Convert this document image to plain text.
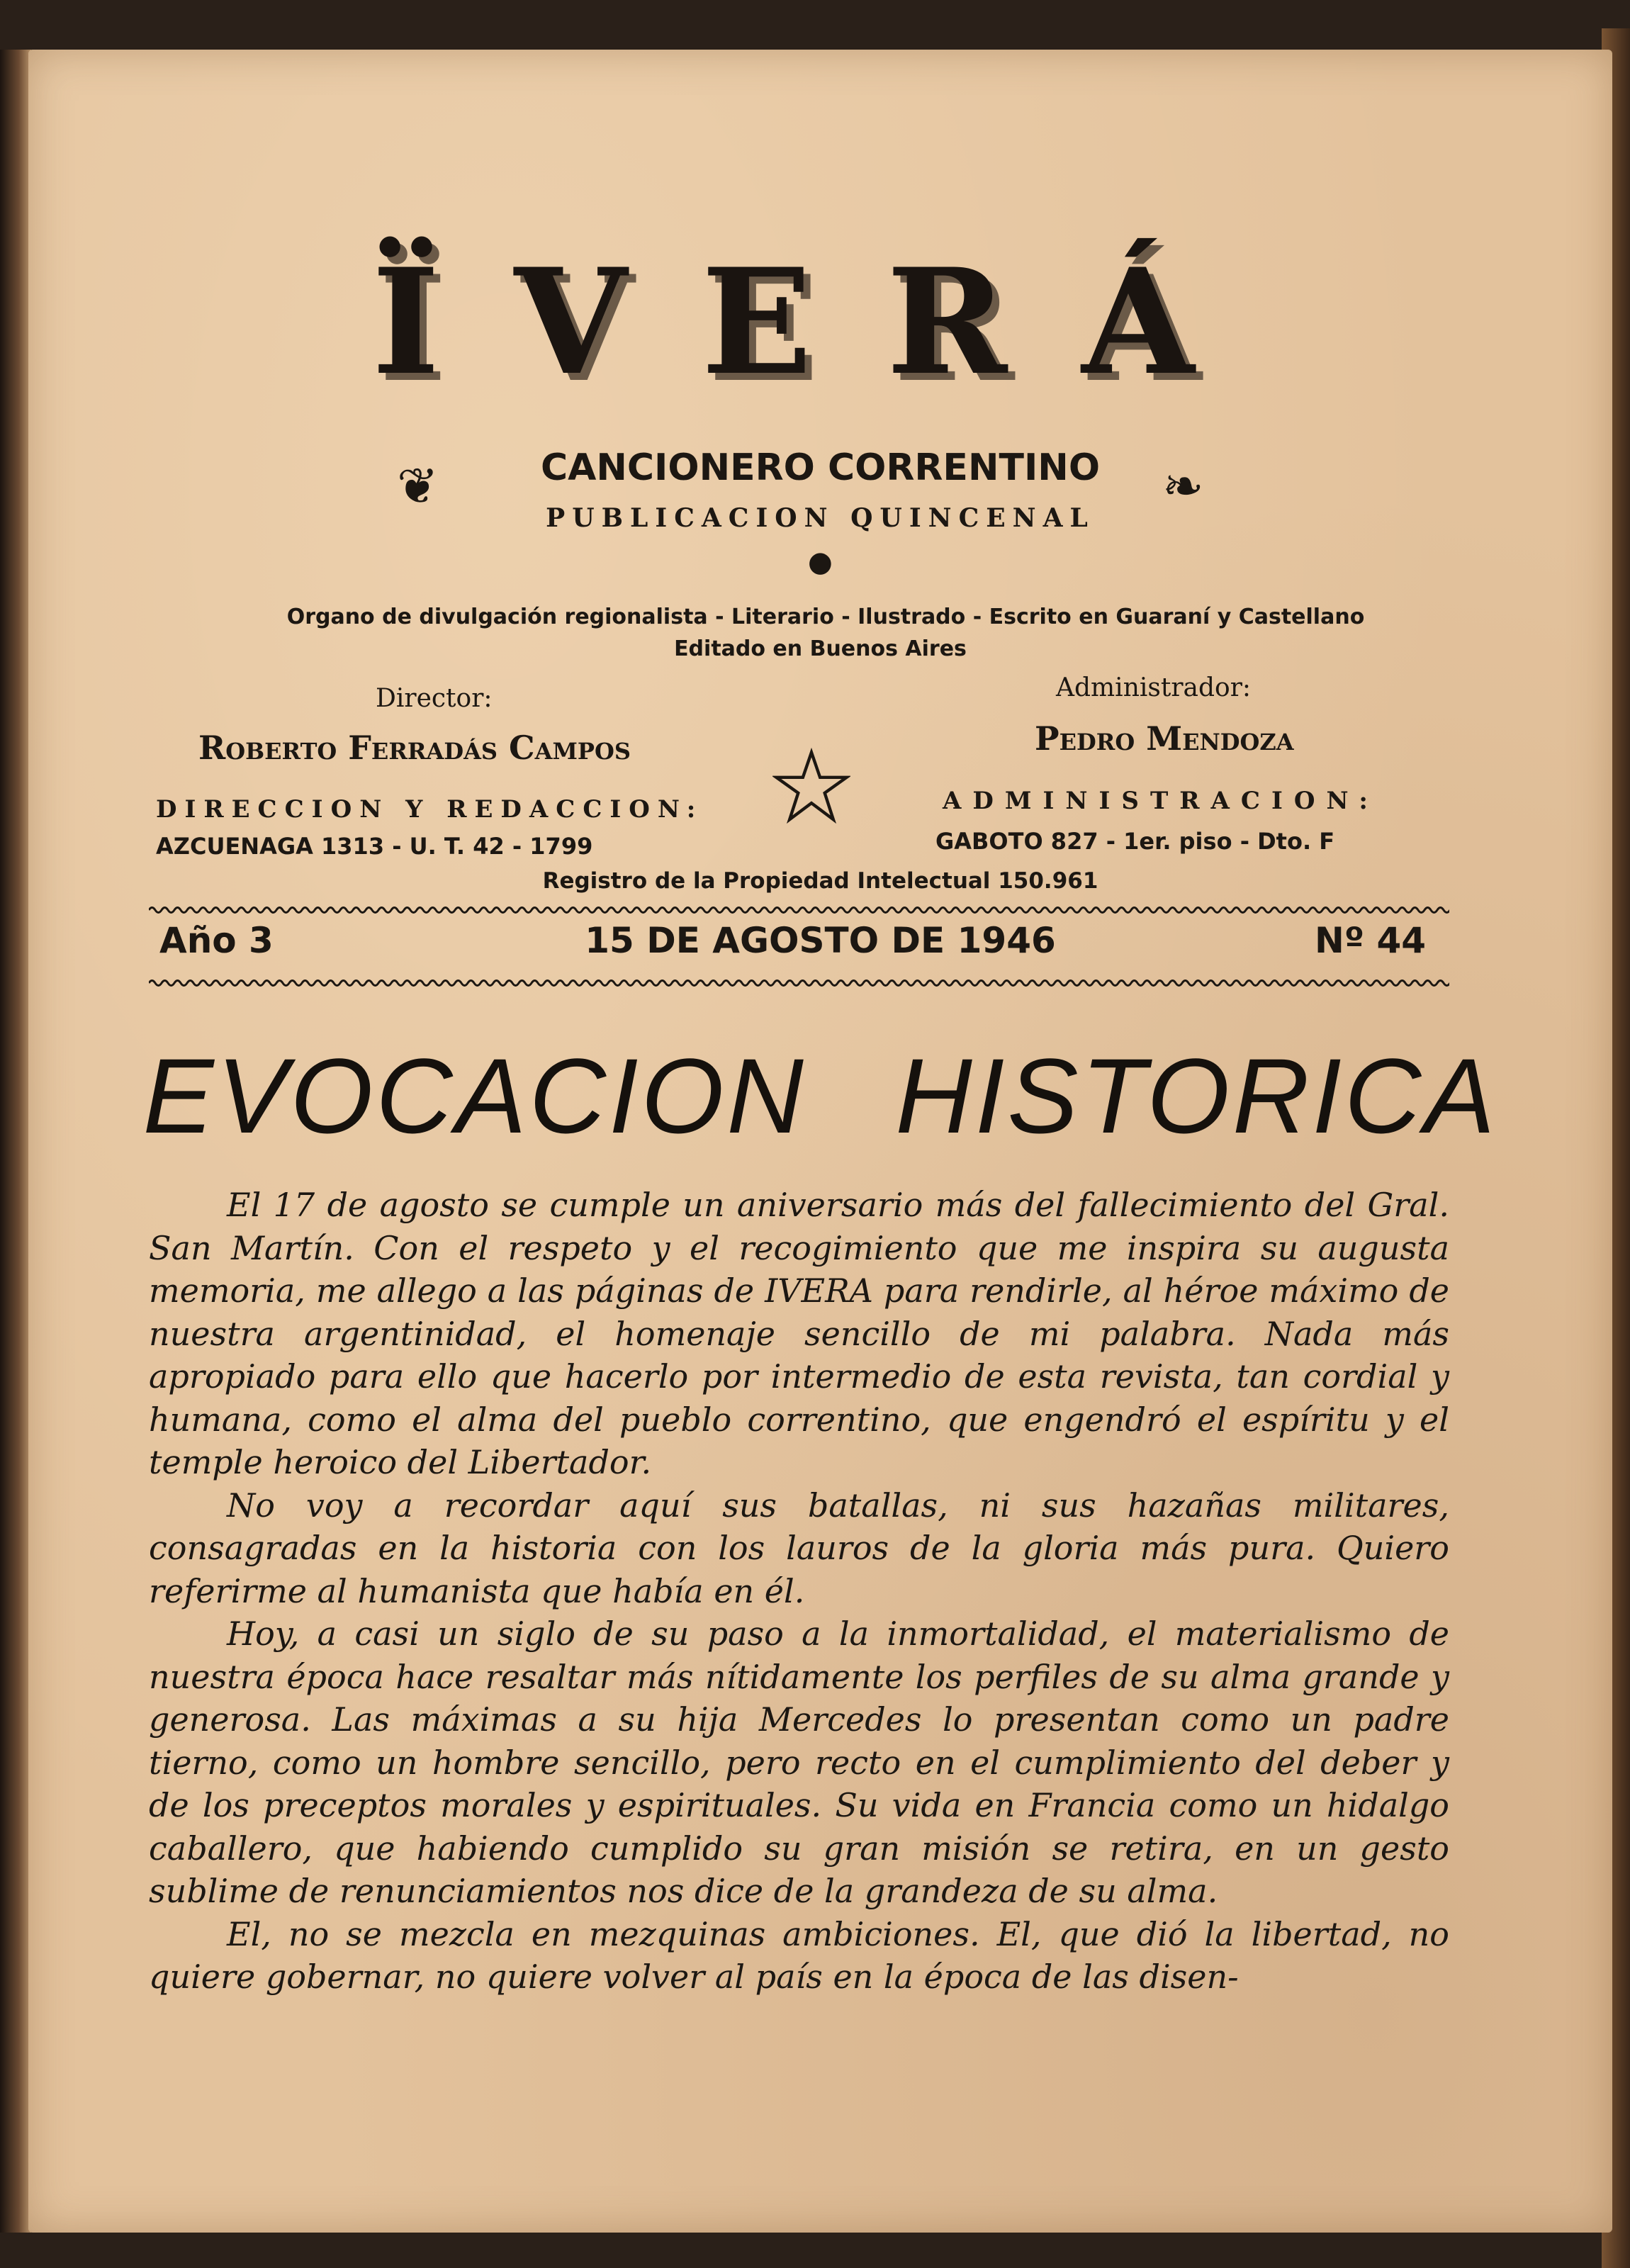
ÏVERÁ
❦	❧
CANCIONERO CORRENTINO
PUBLICACION QUINCENAL
●
Organo de divulgación regionalista - Literario - Ilustrado - Escrito en Guaraní y Castellano
Editado en Buenos Aires
Director:
Roberto Ferradás Campos
Administrador:
Pedro Mendoza
DIRECCION Y REDACCION:
AZCUENAGA 1313 - U. T. 42 - 1799
ADMINISTRACION:
GABOTO 827 - 1er. piso - Dto. F
Registro de la Propiedad Intelectual 150.961
Año 3	15 DE AGOSTO DE 1946	Nº 44
EVOCACION HISTORICA

El 17 de agosto se cumple un aniversario más del fallecimiento del Gral. San Martín. Con el respeto y el recogimiento que me inspira su augusta memoria, me allego a las páginas de IVERA para rendirle, al héroe máximo de nuestra argentinidad, el homenaje sencillo de mi palabra. Nada más apropiado para ello que hacerlo por intermedio de esta revista, tan cordial y humana, como el alma del pueblo correntino, que engendró el espíritu y el temple heroico del Libertador.

No voy a recordar aquí sus batallas, ni sus hazañas militares, consagradas en la historia con los lauros de la gloria más pura. Quiero referirme al humanista que había en él.

Hoy, a casi un siglo de su paso a la inmortalidad, el materialismo de nuestra época hace resaltar más nítidamente los perfiles de su alma grande y generosa. Las máximas a su hija Mercedes lo presentan como un padre tierno, como un hombre sencillo, pero recto en el cumplimiento del deber y de los preceptos morales y espirituales. Su vida en Francia como un hidalgo caballero, que habiendo cumplido su gran misión se retira, en un gesto sublime de renunciamientos nos dice de la grandeza de su alma.

El, no se mezcla en mezquinas ambiciones. El, que dió la libertad, no quiere gobernar, no quiere volver al país en la época de las disen-
